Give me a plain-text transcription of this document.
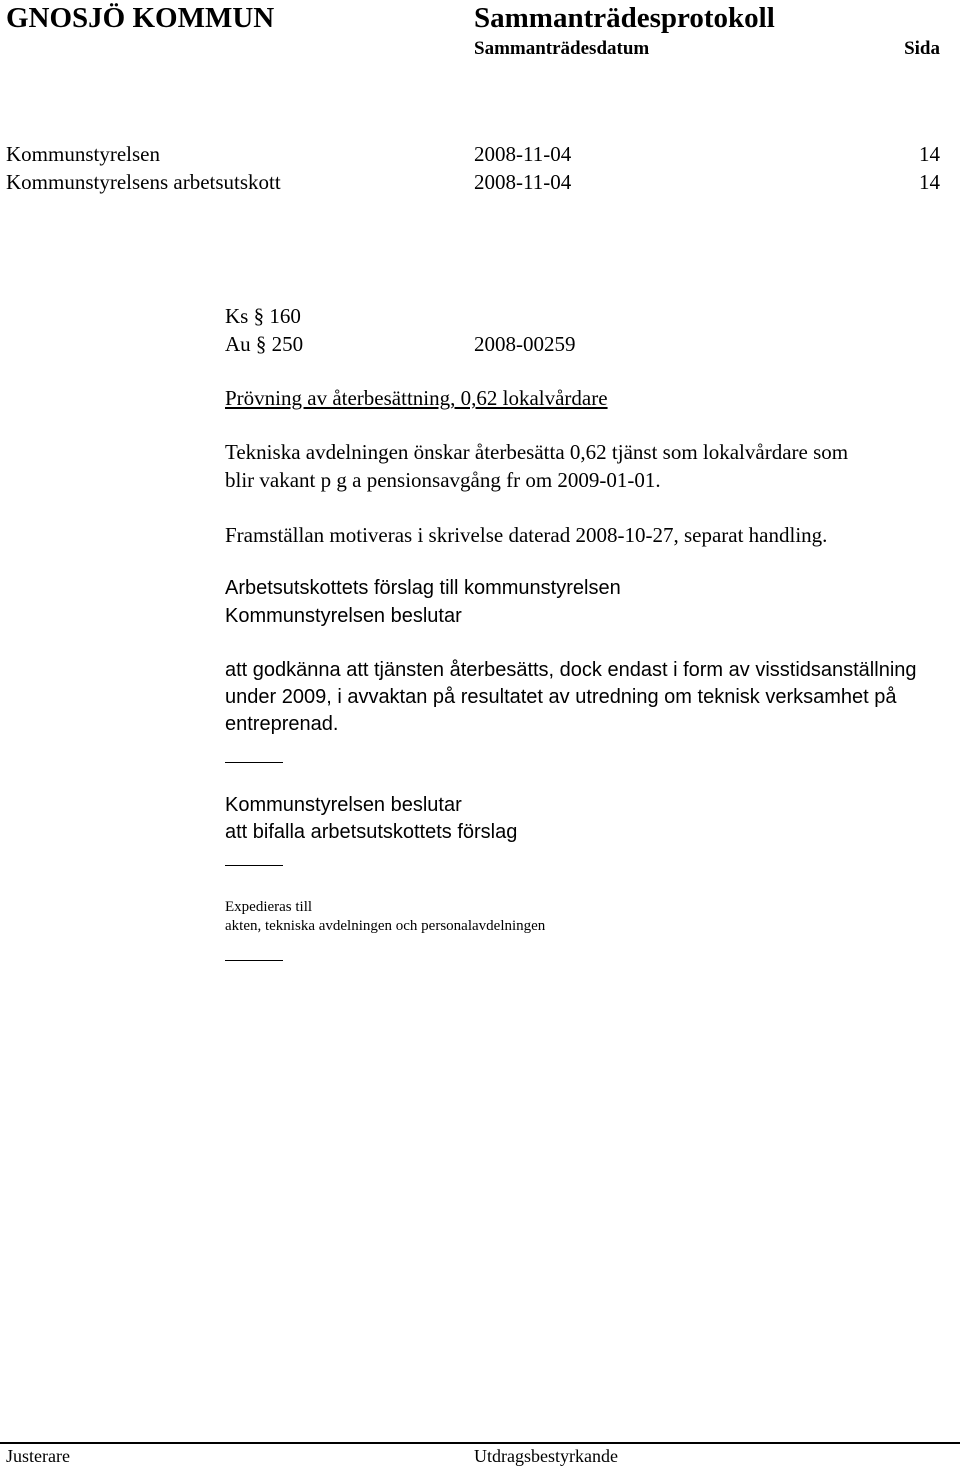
GNOSJÖ KOMMUN	Sammanträdesprotokoll
Sammanträdesdatum	Sida
Kommunstyrelsen	2008-11-04	14
Kommunstyrelsens arbetsutskott	2008-11-04	14
Ks § 160
Au § 250	2008-00259
Prövning av återbesättning, 0,62 lokalvårdare
Tekniska avdelningen önskar återbesätta 0,62 tjänst som lokalvårdare som
blir vakant p g a pensionsavgång fr om 2009-01-01.
Framställan motiveras i skrivelse daterad 2008-10-27, separat handling.
Arbetsutskottets förslag till kommunstyrelsen
Kommunstyrelsen beslutar
att godkänna att tjänsten återbesätts, dock endast i form av visstidsanställning
under 2009, i avvaktan på resultatet av utredning om teknisk verksamhet på
entreprenad.
Kommunstyrelsen beslutar
att bifalla arbetsutskottets förslag
Expedieras till
akten, tekniska avdelningen och personalavdelningen
Justerare	Utdragsbestyrkande
